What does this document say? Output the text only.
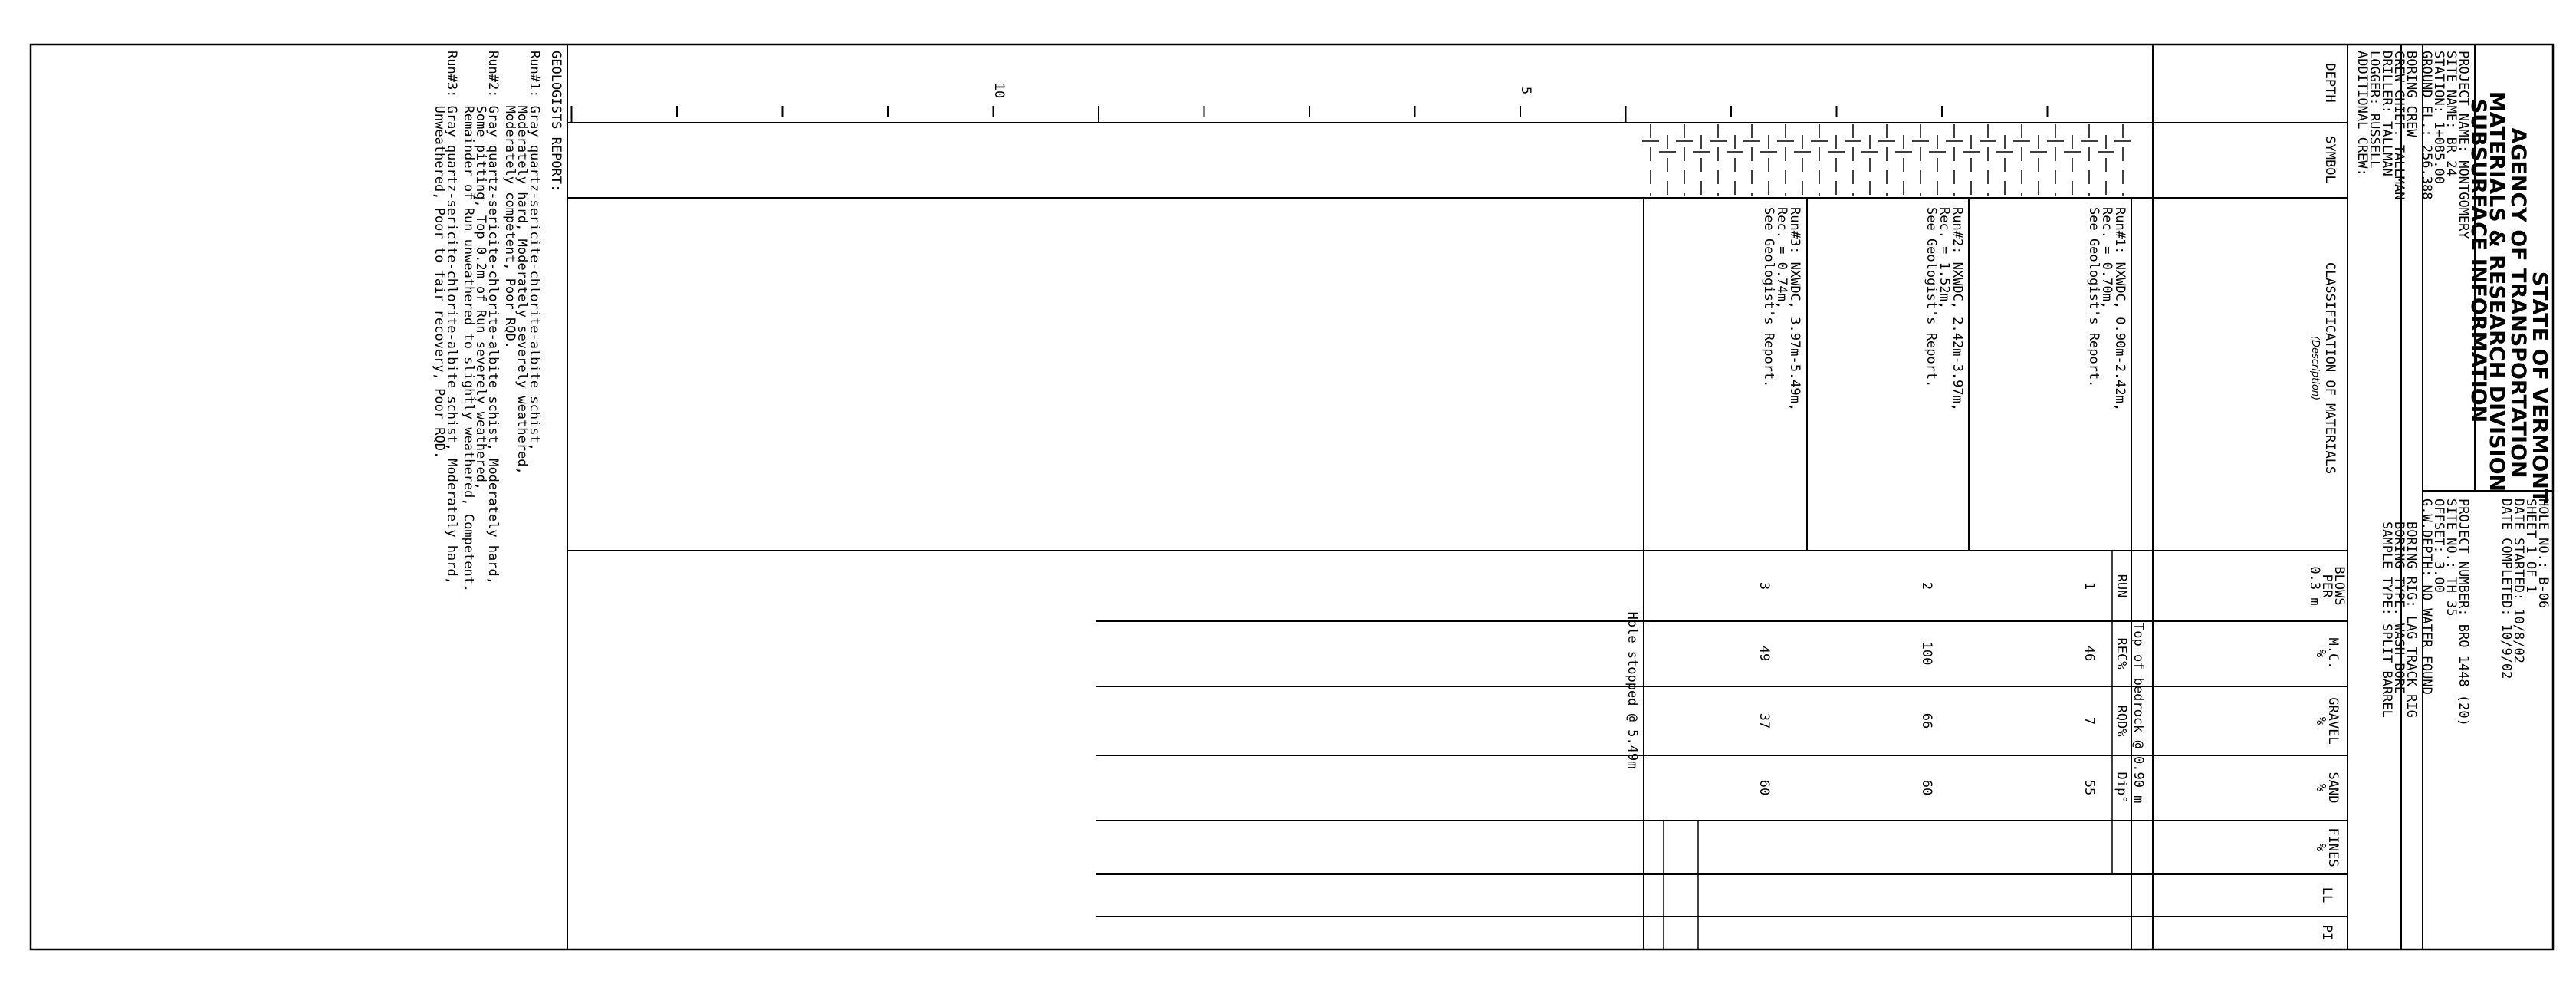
STATE OF VERMONT
AGENCY OF TRANSPORTATION
MATERIALS & RESEARCH DIVISION
SUBSURFACE INFORMATION
PROJECT NAME: MONTGOMERY
SITE NAME: BR 24
STATION: 1+085.00
GROUND EL.: 256.388
BORING CREW
CREW CHIEF: TALLMAN
DRILLER: TALLMAN
LOGGER: RUSSELL
ADDITIONAL CREW:
HOLE NO.: B-06
SHEET 1 OF 1
DATE STARTED: 10/8/02
DATE COMPLETED: 10/9/02
PROJECT NUMBER: BRO 1448 (20)
SITE NO.: TH 35
OFFSET: 3.00
G.W.DEPTH: NO WATER FOUND
BORING RIG: LAG TRACK RIG
BORING TYPE: WASH BORE
SAMPLE TYPE: SPLIT BARREL
DEPTH
SYMBOL
CLASSIFICATION OF MATERIALS
(Description)
BLOWS
PER
0.3 m
M.C.
%
GRAVEL
%
SAND
%
FINES
%
LL
PI
5
10
Top of bedrock @ 0.90 m
RUN
REC%
RQD%
Dip°
Run#1: NXWDC, 0.90m-2.42m,
Rec. = 0.70m,
See Geologist's Report.
Run#2: NXWDC, 2.42m-3.97m,
Rec. = 1.52m,
See Geologist's Report.
Run#3: NXWDC, 3.97m-5.49m,
Rec. = 0.74m,
See Geologist's Report.
1
46
7
55
2
100
66
60
3
49
37
60
Hole stopped @ 5.49m
GEOLOGISTS REPORT:
Run#1: Gray quartz-sericite-chlorite-albite schist,
Moderately hard, Moderately severely weathered,
Moderately competent, Poor RQD.
Run#2: Gray quartz-sericite-chlorite-albite schist, Moderately hard,
Some pitting, Top 0.2m of Run severely weathered,
Remainder of Run unweathered to slightly weathered, Competent.
Run#3: Gray quartz-sericite-chlorite-albite schist, Moderately hard,
Unweathered, Poor to fair recovery, Poor RQD.
